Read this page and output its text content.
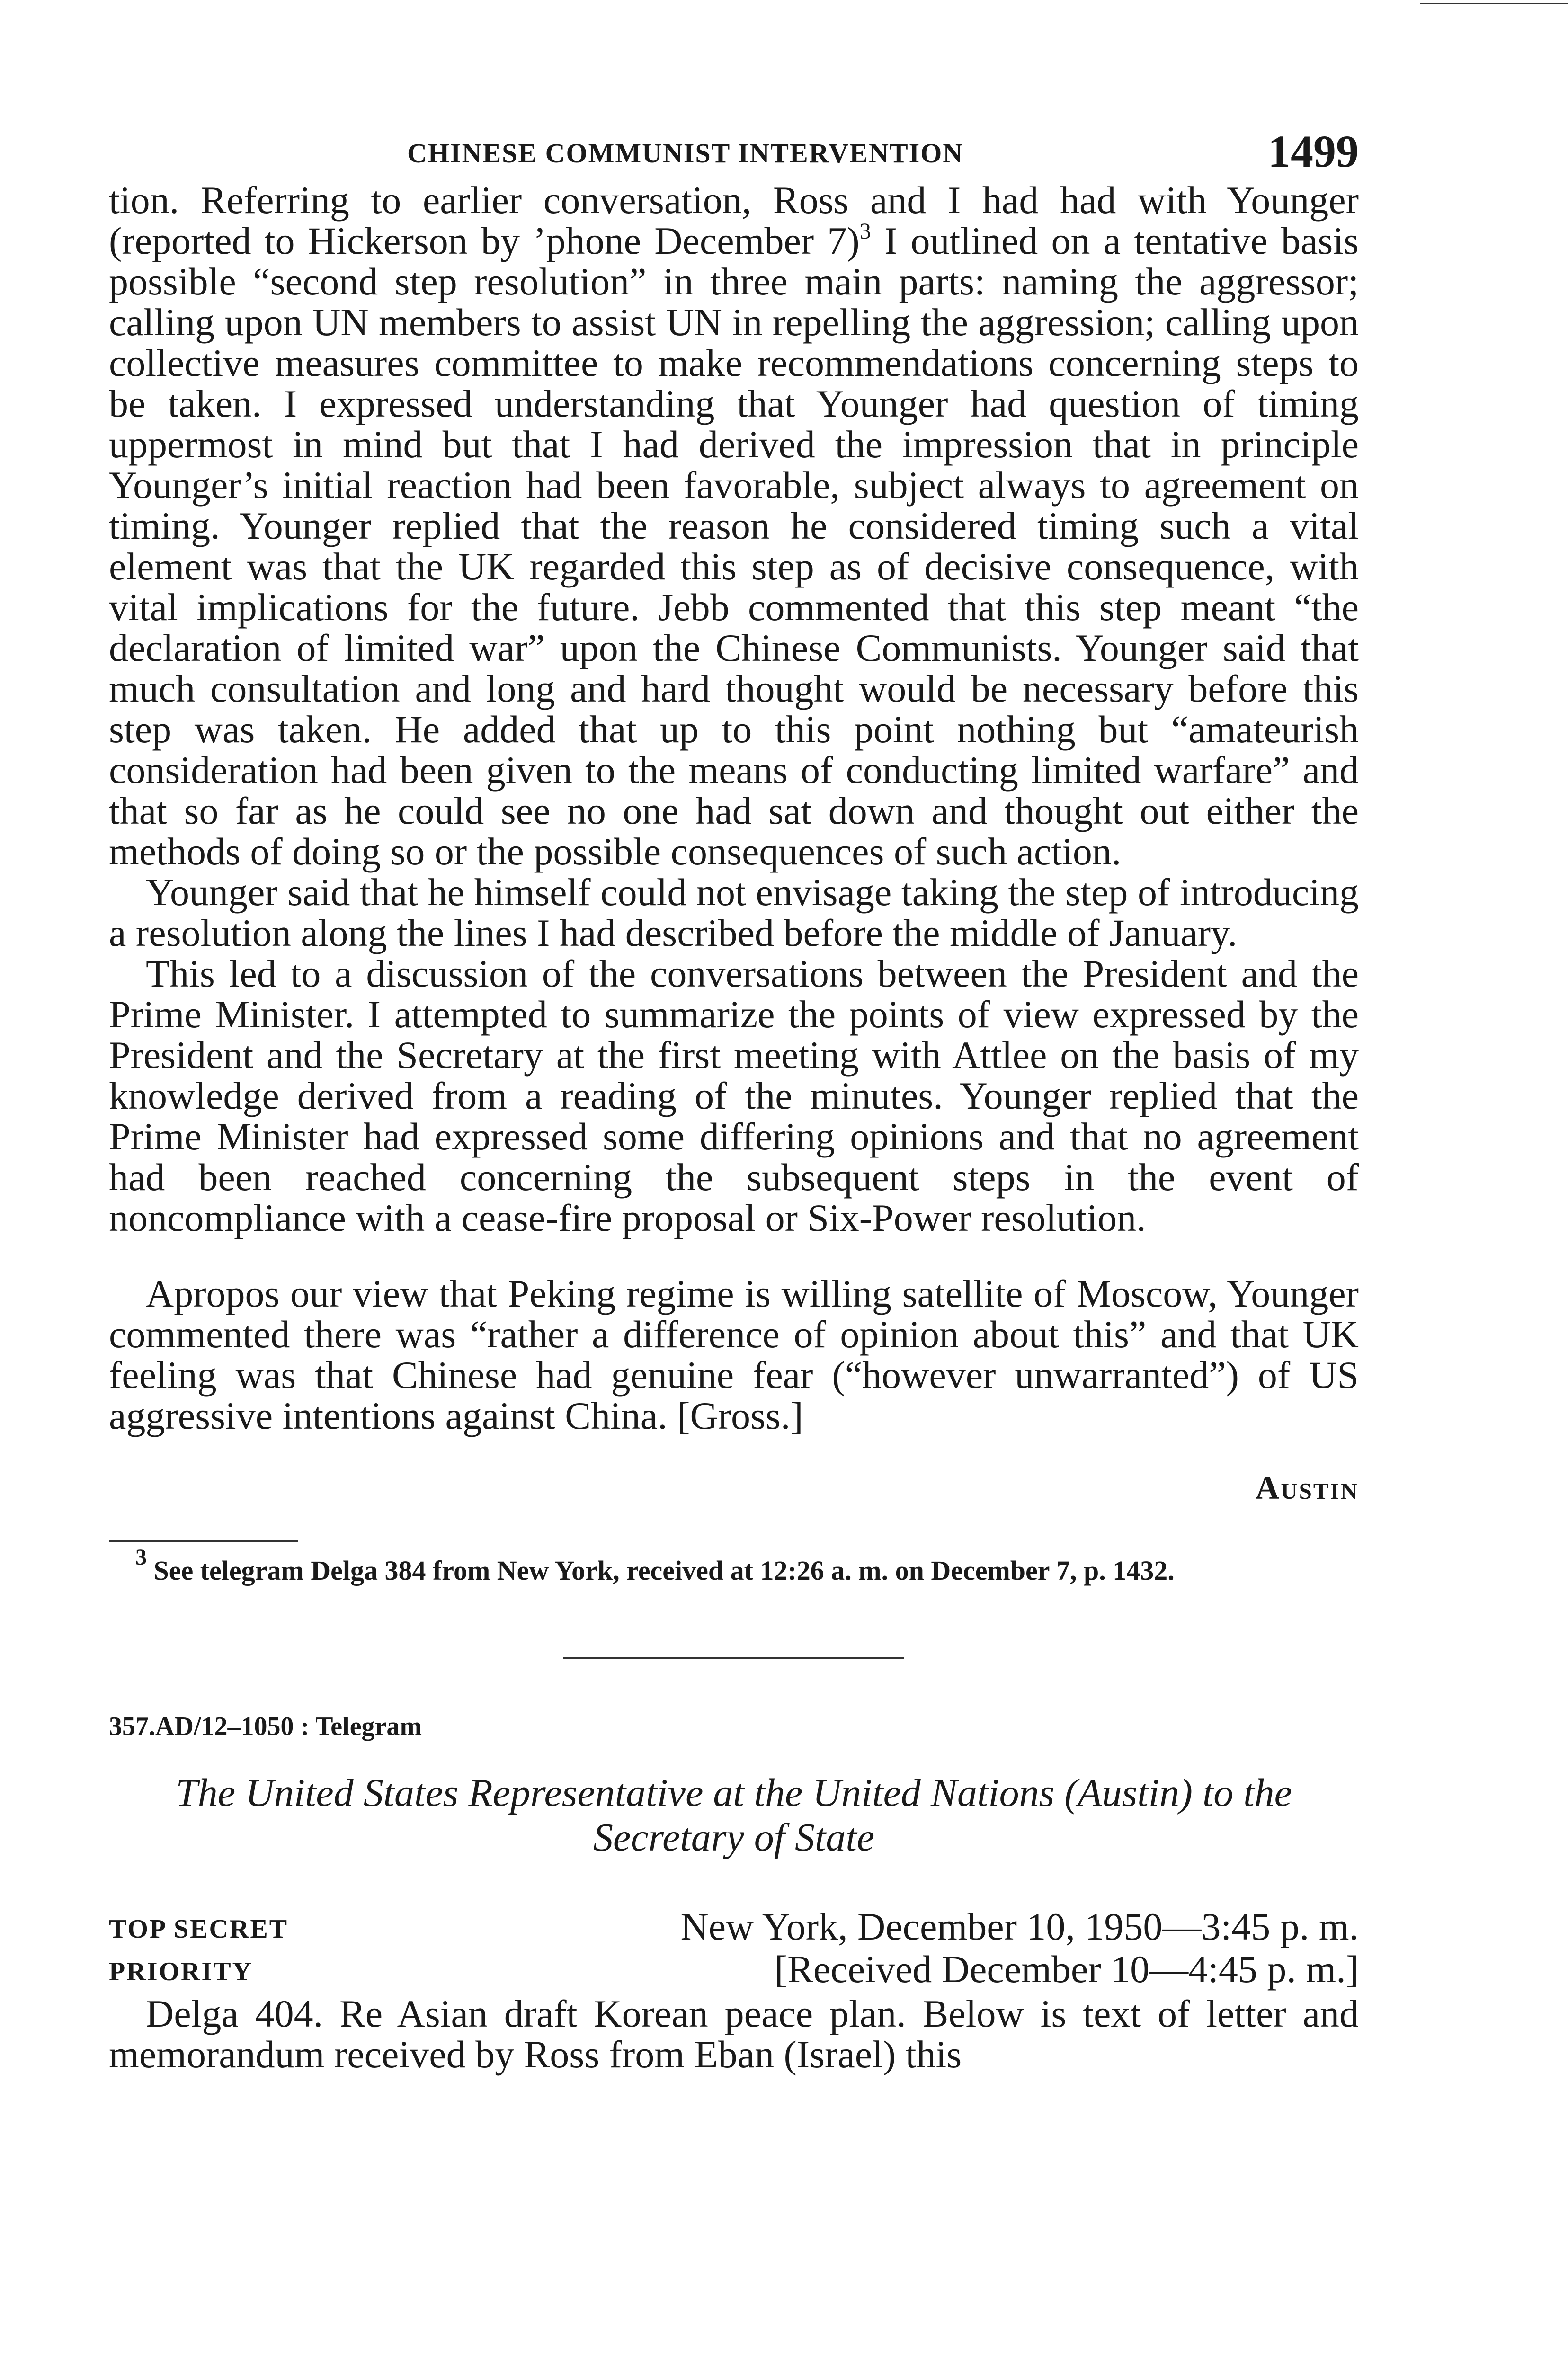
CHINESE COMMUNIST INTERVENTION	1499

tion. Referring to earlier conversation, Ross and I had had with Younger (reported to Hickerson by ’phone December 7)$^3$ I outlined on a tentative basis possible “second step resolution” in three main parts: naming the aggressor; calling upon UN members to assist UN in repelling the aggression; calling upon collective measures committee to make recommendations concerning steps to be taken. I expressed understanding that Younger had question of timing uppermost in mind but that I had derived the impression that in principle Younger’s initial reaction had been favorable, subject always to agreement on timing. Younger replied that the reason he considered timing such a vital element was that the UK regarded this step as of decisive consequence, with vital implications for the future. Jebb commented that this step meant “the declaration of limited war” upon the Chinese Communists. Younger said that much consultation and long and hard thought would be necessary before this step was taken. He added that up to this point nothing but “amateurish consideration had been given to the means of conducting limited warfare” and that so far as he could see no one had sat down and thought out either the methods of doing so or the possible consequences of such action.

Younger said that he himself could not envisage taking the step of introducing a resolution along the lines I had described before the middle of January.

This led to a discussion of the conversations between the President and the Prime Minister. I attempted to summarize the points of view expressed by the President and the Secretary at the first meeting with Attlee on the basis of my knowledge derived from a reading of the minutes. Younger replied that the Prime Minister had expressed some differing opinions and that no agreement had been reached concerning the subsequent steps in the event of noncompliance with a cease-fire proposal or Six-Power resolution.

Apropos our view that Peking regime is willing satellite of Moscow, Younger commented there was “rather a difference of opinion about this” and that UK feeling was that Chinese had genuine fear (“however unwarranted”) of US aggressive intentions against China. [Gross.]
Austin
$^3$ See telegram Delga 384 from New York, received at 12:26 a. m. on December 7, p. 1432.
357.AD/12–1050 : Telegram
The United States Representative at the United Nations (Austin) to the Secretary of State
TOP SECRET	New York, December 10, 1950—3:45 p. m.
PRIORITY	[Received December 10—4:45 p. m.]
Delga 404. Re Asian draft Korean peace plan. Below is text of letter and memorandum received by Ross from Eban (Israel) this
